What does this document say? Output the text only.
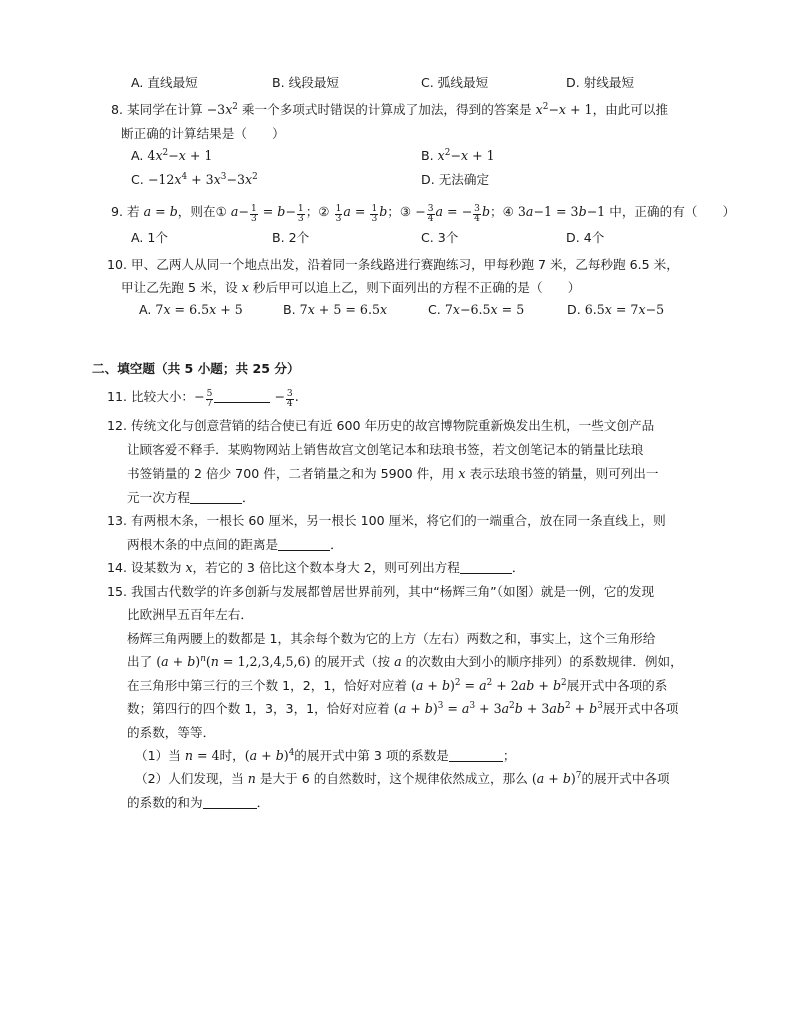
A. 直线最短	B. 线段最短	C. 弧线最短	D. 射线最短
8. 某同学在计算 $-3x^2$ 乘一个多项式时错误的计算成了加法，得到的答案是 $x^2-x + 1$，由此可以推
断正确的计算结果是（　　）
A. $4x^2-x + 1$	B. $x^2-x + 1$
C. $-12x^4 + 3x^3-3x^2$	D. 无法确定
9. 若 a = b，则在① $a- \frac{1}{3} = b- \frac{1}{3}$ ；② $\frac{1}{3}$ $a = \frac{1}{3}$ b；③ − $\frac{3}{4}$ a = − $\frac{3}{4}$ b；④ 3a−1 = 3b−1 中，正确的有（　　）
A. 1个	B. 2个	C. 3个	D. 4个
10. 甲、乙两人从同一个地点出发，沿着同一条线路进行赛跑练习，甲每秒跑 7 米，乙每秒跑 6.5 米，
甲让乙先跑 5 米，设 x 秒后甲可以追上乙，则下面列出的方程不正确的是（　　）
A. 7x = 6.5x + 5	B. 7x + 5 = 6.5x	C. 7x−6.5x = 5	D. 6.5x = 7x−5
二、填空题（共 5 小题；共 25 分）
11. 比较大小：− $\frac{5}{7}$	− $\frac{3}{4}$ .
12. 传统文化与创意营销的结合使已有近 600 年历史的故宫博物院重新焕发出生机，一些文创产品
让顾客爱不释手．某购物网站上销售故宫文创笔记本和珐琅书签，若文创笔记本的销量比珐琅
书签销量的 2 倍少 700 件，二者销量之和为 5900 件，用 x 表示珐琅书签的销量，则可列出一
元一次方程	．
13. 有两根木条，一根长 60 厘米，另一根长 100 厘米，将它们的一端重合，放在同一条直线上，则
两根木条的中点间的距离是	．
14. 设某数为 x，若它的 3 倍比这个数本身大 2，则可列出方程	．
15. 我国古代数学的许多创新与发展都曾居世界前列，其中“杨辉三角”（如图）就是一例，它的发现
比欧洲早五百年左右．
杨辉三角两腰上的数都是 1，其余每个数为它的上方（左右）两数之和，事实上，这个三角形给
出了 $(a + b)^n(n = 1,2,3,4,5,6)$ 的展开式（按 a 的次数由大到小的顺序排列）的系数规律．例如，
在三角形中第三行的三个数 1，2，1，恰好对应着 $(a + b)^2 = a^2 + 2ab + b^2$展开式中各项的系
数；第四行的四个数 1，3，3，1，恰好对应着 $(a + b)^3 = a^3 + 3a^2b + 3ab^2 + b^3$展开式中各项
的系数，等等．
（1）当 n = 4时，$(a + b)^4$的展开式中第 3 项的系数是	；
（2）人们发现，当 n 是大于 6 的自然数时，这个规律依然成立，那么 $(a + b)^7$的展开式中各项
的系数的和为	．
